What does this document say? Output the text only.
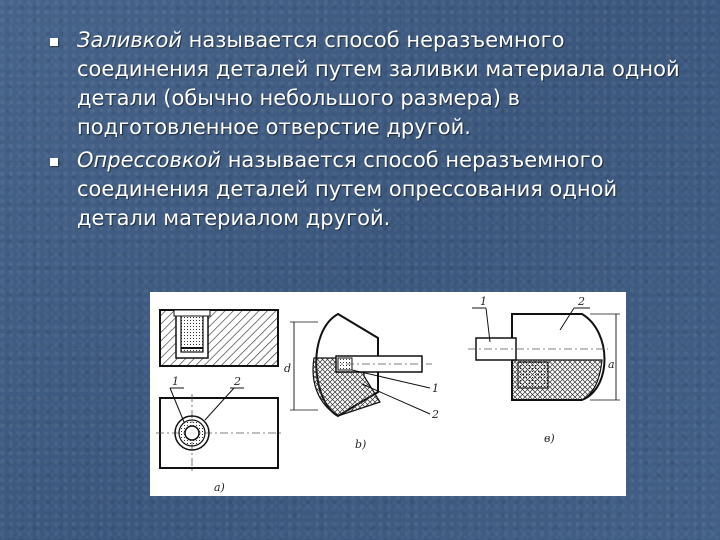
Заливкой называется способ неразъемного соединения деталей путем заливки материала одной детали (обычно небольшого размера) в подготовленное отверстие другой.
Опрессовкой называется способ неразъемного соединения деталей путем опрессования одной детали материалом другой.
1	2
а)
d
1
2
b)
a
1	2
в)
